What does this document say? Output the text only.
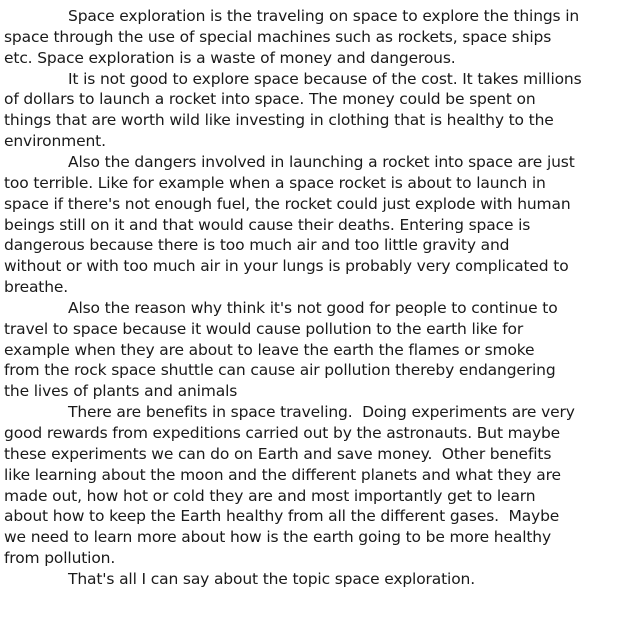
Space exploration is the traveling on space to explore the things in
space through the use of special machines such as rockets, space ships
etc. Space exploration is a waste of money and dangerous.
It is not good to explore space because of the cost. It takes millions
of dollars to launch a rocket into space. The money could be spent on
things that are worth wild like investing in clothing that is healthy to the
environment.
Also the dangers involved in launching a rocket into space are just
too terrible. Like for example when a space rocket is about to launch in
space if there's not enough fuel, the rocket could just explode with human
beings still on it and that would cause their deaths. Entering space is
dangerous because there is too much air and too little gravity and
without or with too much air in your lungs is probably very complicated to
breathe.
Also the reason why think it's not good for people to continue to
travel to space because it would cause pollution to the earth like for
example when they are about to leave the earth the flames or smoke
from the rock space shuttle can cause air pollution thereby endangering
the lives of plants and animals
There are benefits in space traveling.  Doing experiments are very
good rewards from expeditions carried out by the astronauts. But maybe
these experiments we can do on Earth and save money.  Other benefits
like learning about the moon and the different planets and what they are
made out, how hot or cold they are and most importantly get to learn
about how to keep the Earth healthy from all the different gases.  Maybe
we need to learn more about how is the earth going to be more healthy
from pollution.
That's all I can say about the topic space exploration.
